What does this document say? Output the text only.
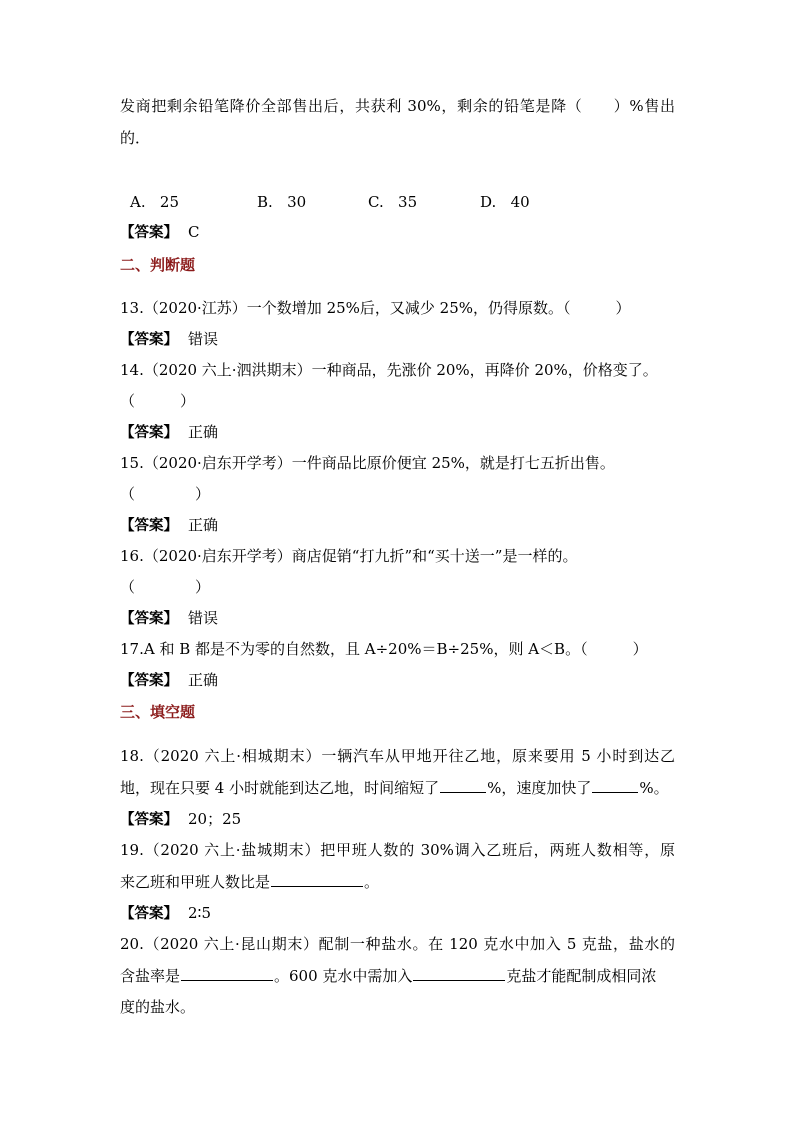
发商把剩余铅笔降价全部售出后，共获利 30%，剩余的铅笔是降（　　）%售出
的．
A. 25	B. 30	C. 35	D. 40
【答案】 C
二、判断题
13.（2020·江苏）一个数增加 25%后，又减少 25%，仍得原数。（　　　）
【答案】 错误
14.（2020 六上·泗洪期末）一种商品，先涨价 20%，再降价 20%，价格变了。
（　　　）
【答案】 正确
15.（2020·启东开学考）一件商品比原价便宜 25%，就是打七五折出售。
（　　　　）
【答案】 正确
16.（2020·启东开学考）商店促销“打九折”和“买十送一”是一样的。
（　　　　）
【答案】 错误
17.A 和 B 都是不为零的自然数，且 A÷20%＝B÷25%，则 A＜B。（　　　）
【答案】 正确
三、填空题
18.（2020 六上·相城期末）一辆汽车从甲地开往乙地，原来要用 5 小时到达乙
地，现在只要 4 小时就能到达乙地，时间缩短了	%，速度加快了	%。
【答案】 20；25
19.（2020 六上·盐城期末）把甲班人数的 30%调入乙班后，两班人数相等，原
来乙班和甲班人数比是	。
【答案】 2∶5
20.（2020 六上·昆山期末）配制一种盐水。在 120 克水中加入 5 克盐，盐水的
含盐率是	。600 克水中需加入	克盐才能配制成相同浓
度的盐水。
